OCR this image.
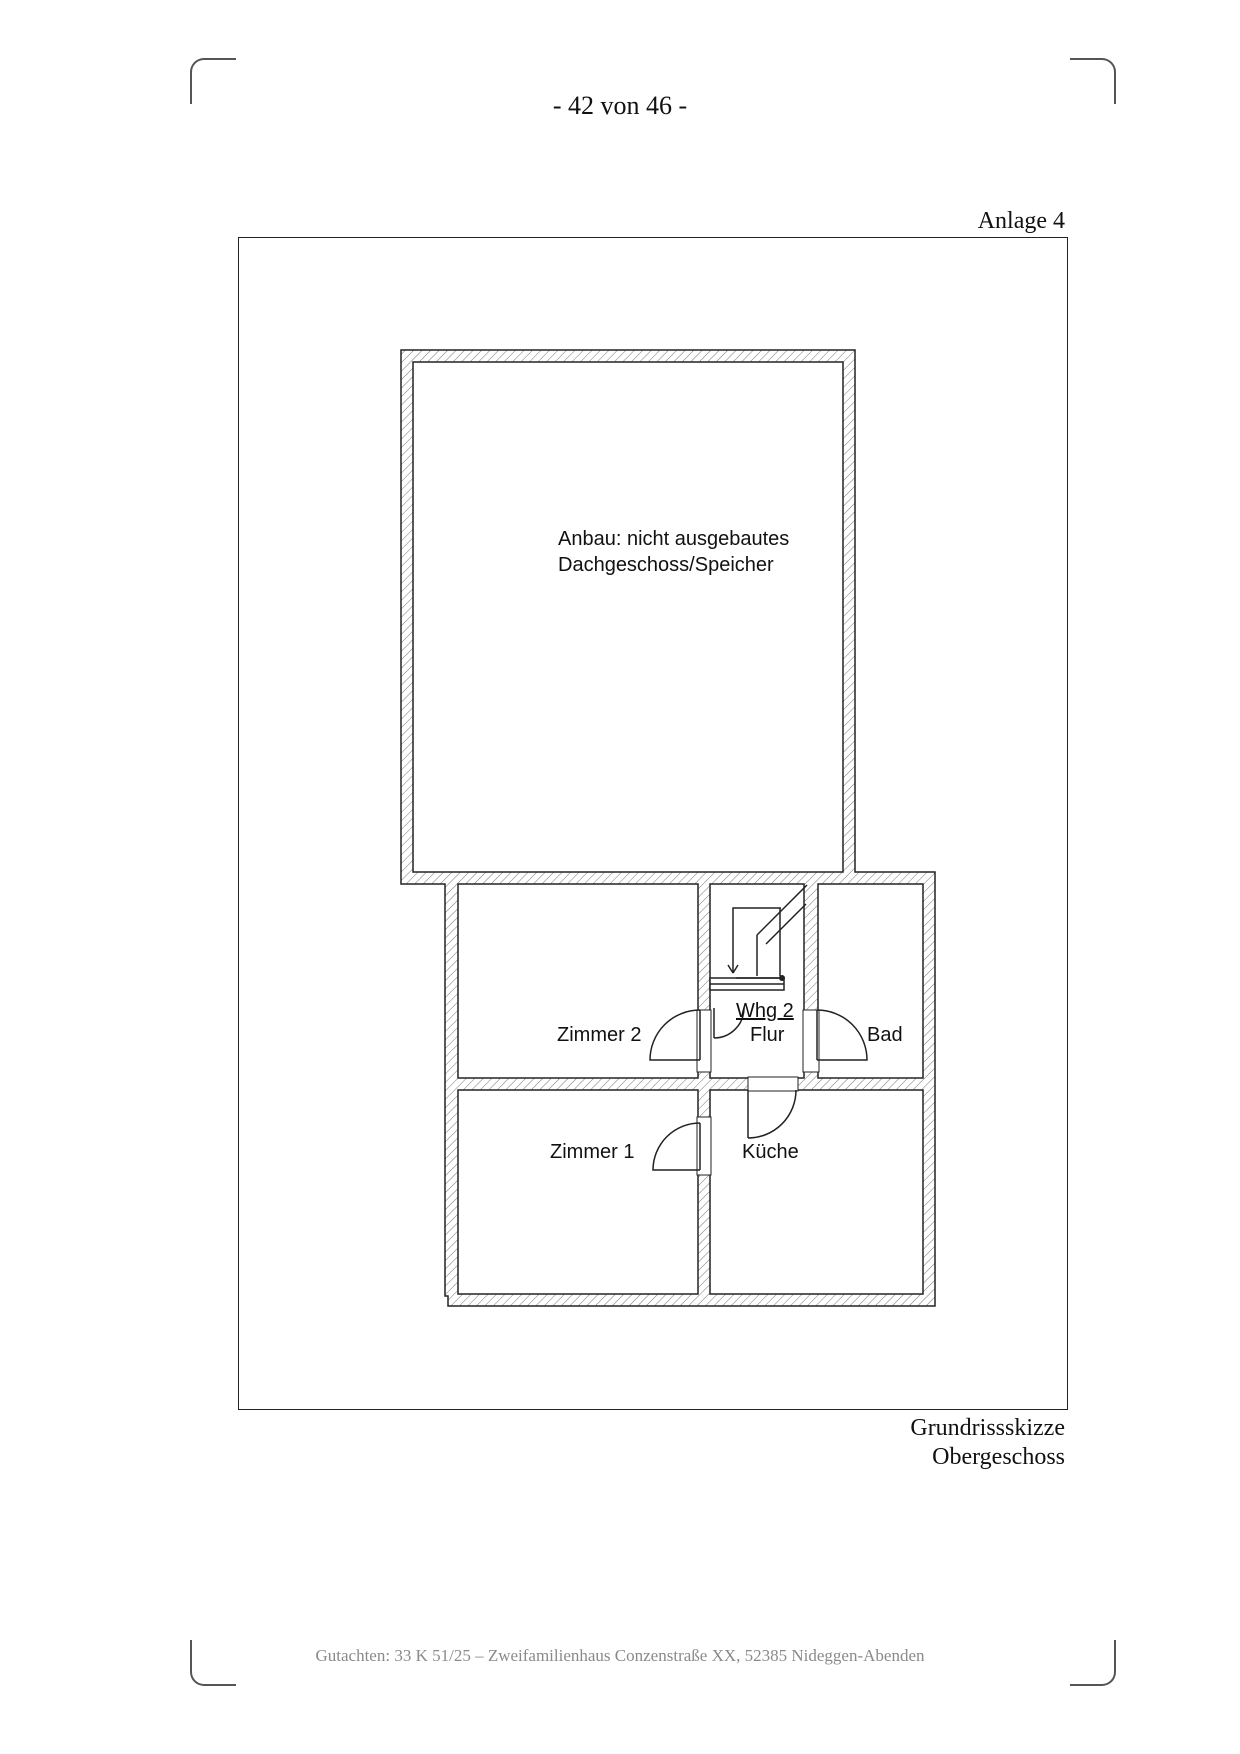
- 42 von 46 -
Anlage 4
Anbau: nicht ausgebautes
Dachgeschoss/Speicher
Zimmer 2
Whg 2
Flur	Bad
Zimmer 1	Küche
Grundrissskizze
Obergeschoss
Gutachten: 33 K 51/25 – Zweifamilienhaus Conzenstraße XX, 52385 Nideggen-Abenden
